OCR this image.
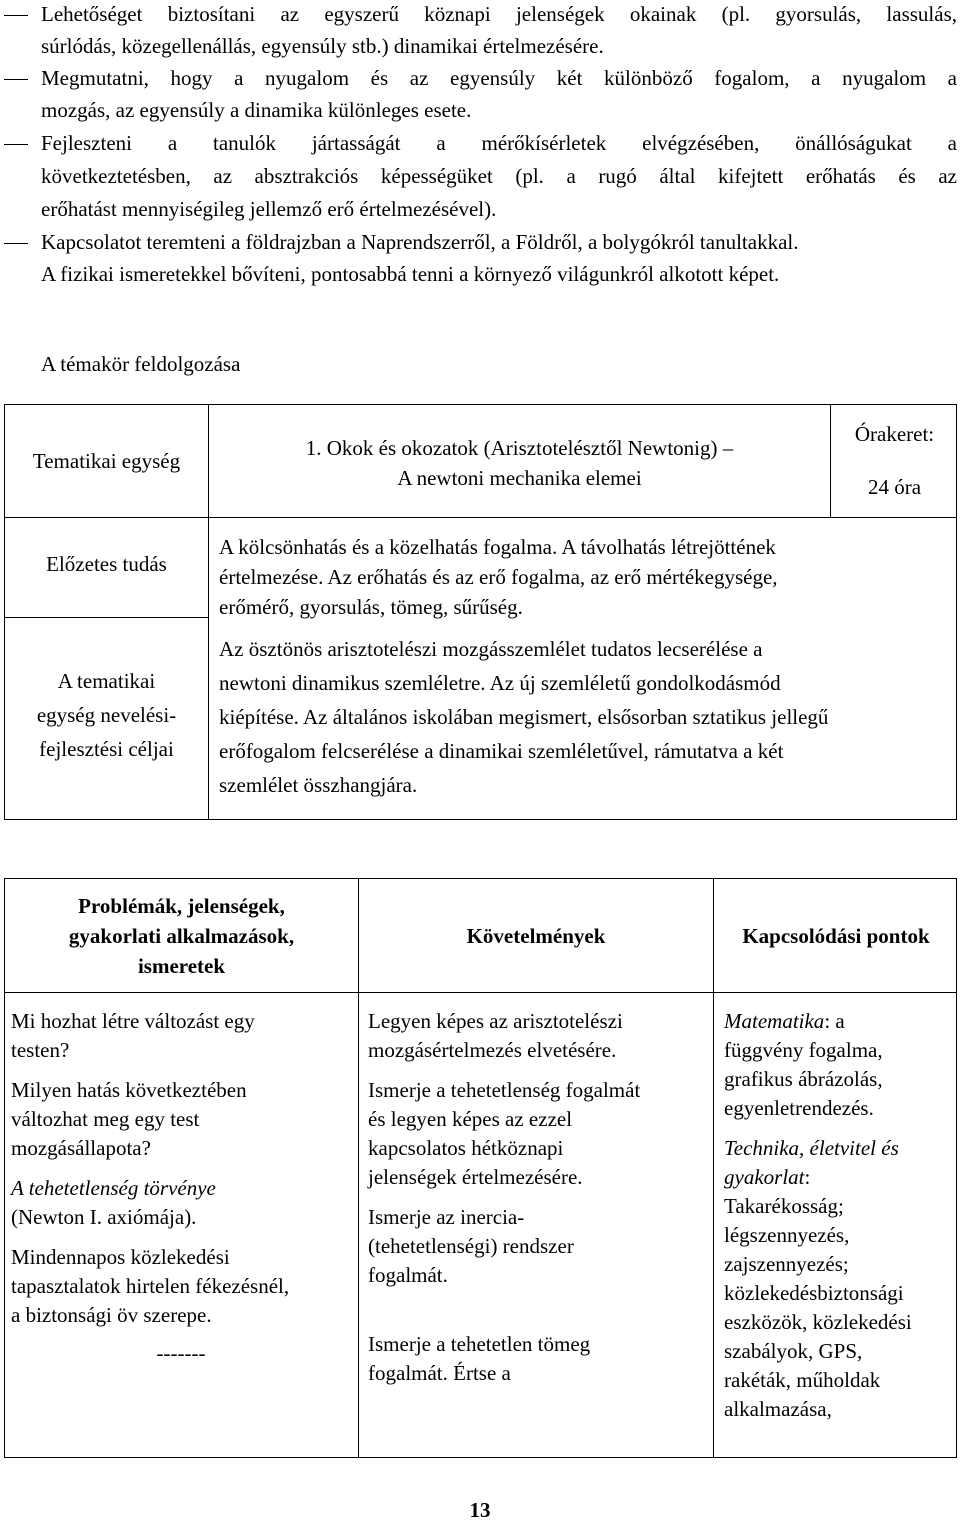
Lehetőséget biztosítani az egyszerű köznapi jelenségek okainak (pl. gyorsulás, lassulás,
súrlódás, közegellenállás, egyensúly stb.) dinamikai értelmezésére.
Megmutatni, hogy a nyugalom és az egyensúly két különböző fogalom, a nyugalom a
mozgás, az egyensúly a dinamika különleges esete.
Fejleszteni a tanulók jártasságát a mérőkísérletek elvégzésében, önállóságukat a
következtetésben, az absztrakciós képességüket (pl. a rugó által kifejtett erőhatás és az
erőhatást mennyiségileg jellemző erő értelmezésével).
Kapcsolatot teremteni a földrajzban a Naprendszerről, a Földről, a bolygókról tanultakkal.
A fizikai ismeretekkel bővíteni, pontosabbá tenni a környező világunkról alkotott képet.
A témakör feldolgozása
Tematikai egység
1. Okok és okozatok (Arisztotelésztől Newtonig) –
A newtoni mechanika elemei
Órakeret:
24 óra
Előzetes tudás
A kölcsönhatás és a közelhatás fogalma. A távolhatás létrejöttének
értelmezése. Az erőhatás és az erő fogalma, az erő mértékegysége,
erőmérő, gyorsulás, tömeg, sűrűség.
A tematikai
egység nevelési-
fejlesztési céljai
Az ösztönös arisztotelészi mozgásszemlélet tudatos lecserélése a
newtoni dinamikus szemléletre. Az új szemléletű gondolkodásmód
kiépítése. Az általános iskolában megismert, elsősorban sztatikus jellegű
erőfogalom felcserélése a dinamikai szemléletűvel, rámutatva a két
szemlélet összhangjára.
Problémák, jelenségek,
gyakorlati alkalmazások,
ismeretek
Követelmények	Kapcsolódási pontok

Mi hozhat létre változást egy
testen?

Milyen hatás következtében
változhat meg egy test
mozgásállapota?

A tehetetlenség törvénye
(Newton I. axiómája).

Mindennapos közlekedési
tapasztalatok hirtelen fékezésnél,
a biztonsági öv szerepe.

-------

Legyen képes az arisztotelészi
mozgásértelmezés elvetésére.

Ismerje a tehetetlenség fogalmát
és legyen képes az ezzel
kapcsolatos hétköznapi
jelenségek értelmezésére.

Ismerje az inercia-
(tehetetlenségi) rendszer
fogalmát.

Ismerje a tehetetlen tömeg
fogalmát. Értse a

Matematika: a
függvény fogalma,
grafikus ábrázolás,
egyenletrendezés.

Technika, életvitel és
gyakorlat:
Takarékosság;
légszennyezés,
zajszennyezés;
közlekedésbiztonsági
eszközök, közlekedési
szabályok, GPS,
rakéták, műholdak
alkalmazása,

13
